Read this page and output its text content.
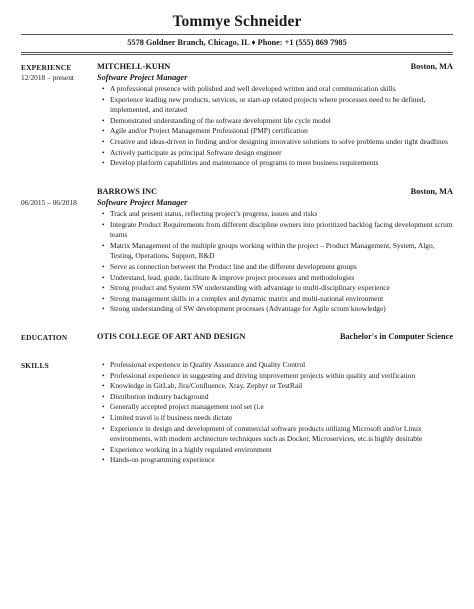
Tommye Schneider
5578 Goldner Branch, Chicago, IL ♦ Phone: +1 (555) 869 7985
EXPERIENCE
12/2018 – present
MITCHELL-KUHN	Boston, MA
Software Project Manager
• A professional presence with polished and well developed written and oral communication skills
• Experience leading new products, services, or start-up related projects where processes need to be defined, implemented, and iterated
• Demonstrated understanding of the software development life cycle model
• Agile and/or Project Management Professional (PMP) certification
• Creative and ideas-driven in finding and/or designing innovative solutions to solve problems under tight deadlines
• Actively participate as principal Software design engineer
• Develop platform capabilities and maintenance of programs to meet business requirements
06/2015 – 06/2018
BARROWS INC	Boston, MA
Software Project Manager
• Track and present status, reflecting project’s progress, issues and risks
• Integrate Product Requirements from different discipline owners into prioritized backlog facing development scrum teams
• Matrix Management of the multiple groups working within the project – Product Management, System, Algo, Testing, Operations, Support, R&D
• Serve as connection between the Product line and the different development groups
• Understand, lead, guide, facilitate & improve project processes and methodologies
• Strong product and System SW understanding with advantage to multi-disciplinary experience
• Strong management skills in a complex and dynamic matrix and multi-national environment
• Strong understanding of SW development processes (Advantage for Agile scrum knowledge)
EDUCATION	OTIS COLLEGE OF ART AND DESIGN	Bachelor's in Computer Science
SKILLS
•	Professional experience in Quality Assurance and Quality Control
• Professional experience in suggesting and driving improvement projects within quality and verification
• Knowledge in GitLab, Jira/Confluence, Xray, Zephyr or TestRail
• Distribution industry background
• Generally accepted project management tool set (i.e
• Limited travel is if business needs dictate
• Experience in design and development of commercial software products utilizing Microsoft and/or Linux environments, with modern architecture techniques such as Docker, Microservices, etc.is highly desirable
• Experience working in a highly regulated environment
• Hands-on programming experience
